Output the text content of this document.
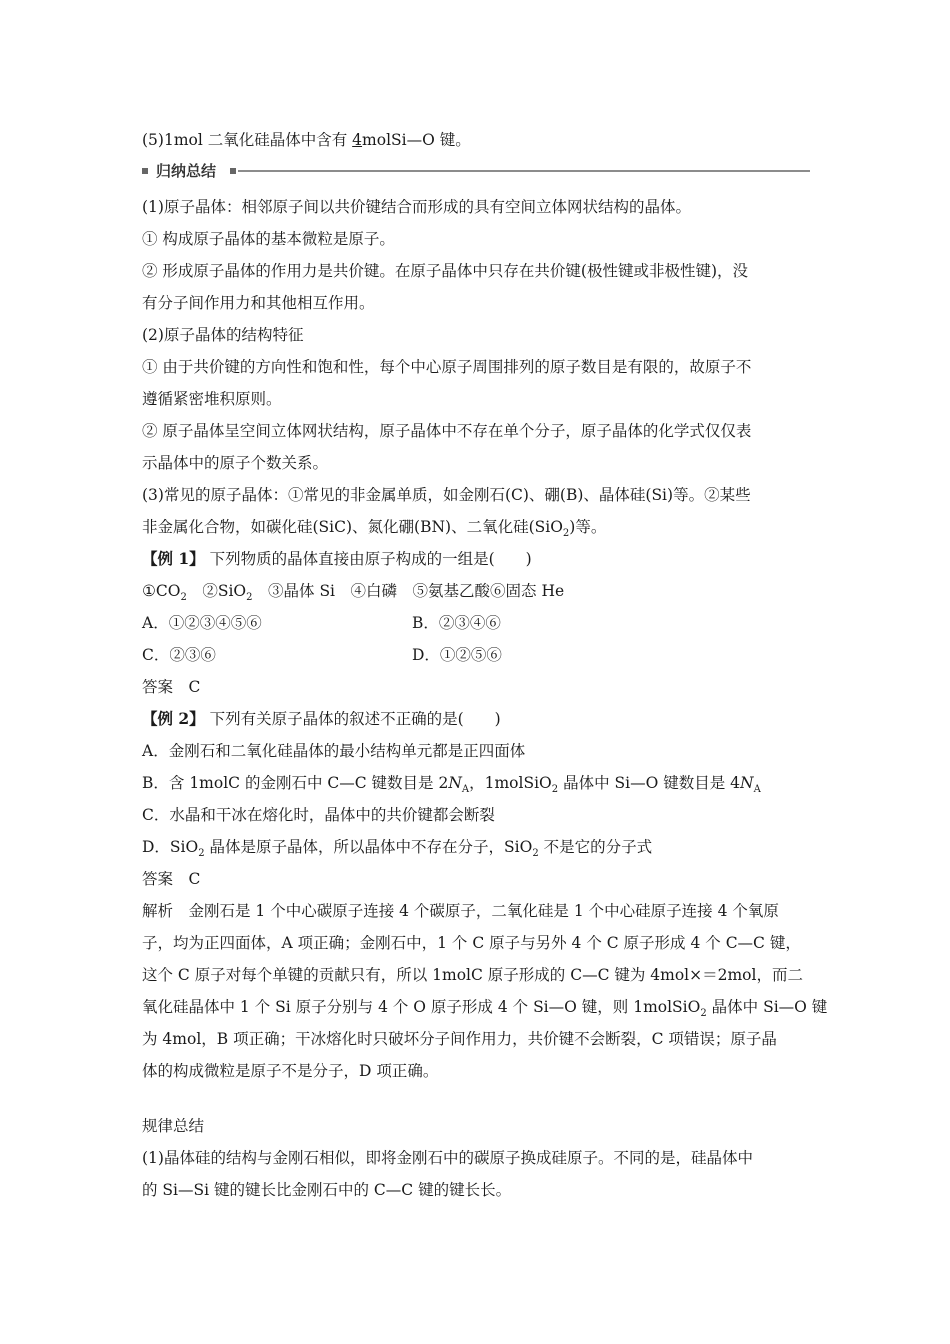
(5)1mol 二氧化硅晶体中含有 4molSi—O 键。
归纳总结
(1)原子晶体：相邻原子间以共价键结合而形成的具有空间立体网状结构的晶体。
① 构成原子晶体的基本微粒是原子。
② 形成原子晶体的作用力是共价键。在原子晶体中只存在共价键(极性键或非极性键)，没
有分子间作用力和其他相互作用。
(2)原子晶体的结构特征
① 由于共价键的方向性和饱和性，每个中心原子周围排列的原子数目是有限的，故原子不
遵循紧密堆积原则。
② 原子晶体呈空间立体网状结构，原子晶体中不存在单个分子，原子晶体的化学式仅仅表
示晶体中的原子个数关系。
(3)常见的原子晶体：①常见的非金属单质，如金刚石(C)、硼(B)、晶体硅(Si)等。②某些
非金属化合物，如碳化硅(SiC)、氮化硼(BN)、二氧化硅(SiO$_2$)等。
【例 1】 下列物质的晶体直接由原子构成的一组是(　　)
$①CO_2$　②SiO$_2$　③晶体 Si　④白磷　⑤氨基乙酸⑥固态 He
A．①②③④⑤⑥	B．②③④⑥
C．②③⑥	D．①②⑤⑥
答案　C
【例 2】 下列有关原子晶体的叙述不正确的是(　　)
A．金刚石和二氧化硅晶体的最小结构单元都是正四面体
B．含 1molC 的金刚石中 C—C 键数目是 $2N_A$，1molSiO$_2$ 晶体中 Si—O 键数目是 $4N_A$
C．水晶和干冰在熔化时，晶体中的共价键都会断裂
D．SiO$_2$ 晶体是原子晶体，所以晶体中不存在分子，SiO$_2$ 不是它的分子式
答案　C
解析　金刚石是 1 个中心碳原子连接 4 个碳原子，二氧化硅是 1 个中心硅原子连接 4 个氧原
子，均为正四面体，A 项正确；金刚石中，1 个 C 原子与另外 4 个 C 原子形成 4 个 C—C 键，
这个 C 原子对每个单键的贡献只有，所以 1molC 原子形成的 C—C 键为 4mol×＝2mol，而二
氧化硅晶体中 1 个 Si 原子分别与 4 个 O 原子形成 4 个 Si—O 键，则 1molSiO$_2$ 晶体中 Si—O 键
为 4mol，B 项正确；干冰熔化时只破坏分子间作用力，共价键不会断裂，C 项错误；原子晶
体的构成微粒是原子不是分子，D 项正确。
规律总结
(1)晶体硅的结构与金刚石相似，即将金刚石中的碳原子换成硅原子。不同的是，硅晶体中
的 Si—Si 键的键长比金刚石中的 C—C 键的键长长。
